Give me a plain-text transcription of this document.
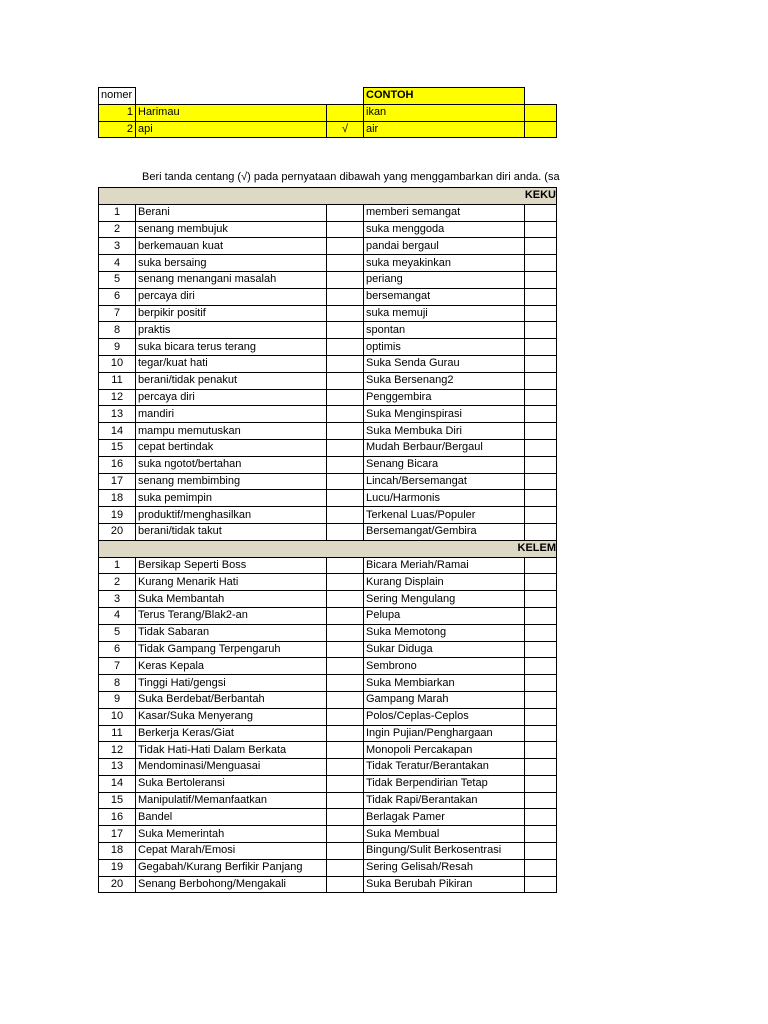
nomer			CONTOH	
1	Harimau		ikan	
2	api	√	air	
Beri tanda centang (√) pada pernyataan dibawah yang menggambarkan diri anda. (sa
KEKU				
1	Berani		memberi semangat	
2	senang membujuk		suka menggoda	
3	berkemauan kuat		pandai bergaul	
4	suka bersaing		suka meyakinkan	
5	senang menangani masalah		periang	
6	percaya diri		bersemangat	
7	berpikir positif		suka memuji	
8	praktis		spontan	
9	suka bicara terus terang		optimis	
10	tegar/kuat hati		Suka Senda Gurau	
11	berani/tidak penakut		Suka Bersenang2	
12	percaya diri		Penggembira	
13	mandiri		Suka Menginspirasi	
14	mampu memutuskan		Suka Membuka Diri	
15	cepat bertindak		Mudah Berbaur/Bergaul	
16	suka ngotot/bertahan		Senang Bicara	
17	senang membimbing		Lincah/Bersemangat	
18	suka pemimpin		Lucu/Harmonis	
19	produktif/menghasilkan		Terkenal Luas/Populer	
20	berani/tidak takut		Bersemangat/Gembira	
KELEM				
1	Bersikap Seperti Boss		Bicara Meriah/Ramai	
2	Kurang Menarik Hati		Kurang Displain	
3	Suka Membantah		Sering Mengulang	
4	Terus Terang/Blak2-an		Pelupa	
5	Tidak Sabaran		Suka Memotong	
6	Tidak Gampang Terpengaruh		Sukar Diduga	
7	Keras Kepala		Sembrono	
8	Tinggi Hati/gengsi		Suka Membiarkan	
9	Suka Berdebat/Berbantah		Gampang Marah	
10	Kasar/Suka Menyerang		Polos/Ceplas-Ceplos	
11	Berkerja Keras/Giat		Ingin Pujian/Penghargaan	
12	Tidak Hati-Hati Dalam Berkata		Monopoli Percakapan	
13	Mendominasi/Menguasai		Tidak Teratur/Berantakan	
14	Suka Bertoleransi		Tidak Berpendirian Tetap	
15	Manipulatif/Memanfaatkan		Tidak Rapi/Berantakan	
16	Bandel		Berlagak Pamer	
17	Suka Memerintah		Suka Membual	
18	Cepat Marah/Emosi		Bingung/Sulit Berkosentrasi	
19	Gegabah/Kurang Berfikir Panjang		Sering Gelisah/Resah	
20	Senang Berbohong/Mengakali		Suka Berubah Pikiran	
